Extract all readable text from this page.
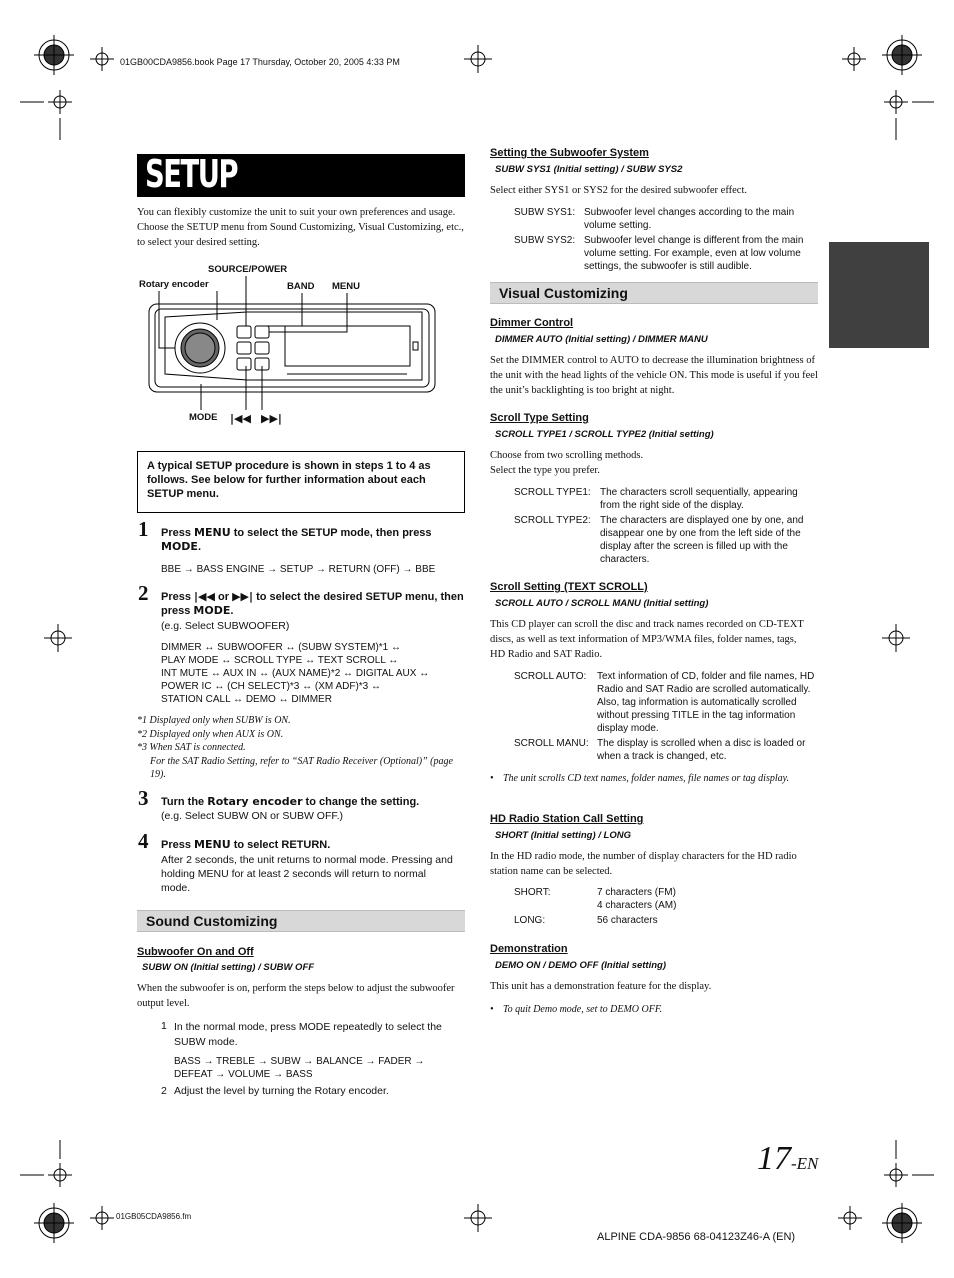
01GB00CDA9856.book Page 17 Thursday, October 20, 2005 4:33 PM
SETUP
You can flexibly customize the unit to suit your own preferences and usage. Choose the SETUP menu from Sound Customizing, Visual Customizing, etc., to select your desired setting.
SOURCE/POWER
Rotary encoder	BAND MENU
MODE |◀◀ ▶▶|
A typical SETUP procedure is shown in steps 1 to 4 as follows. See below for further information about each SETUP menu.
1 Press MENU to select the SETUP mode, then press MODE.
BBE → BASS ENGINE → SETUP → RETURN (OFF) → BBE
2 Press |◀◀ or ▶▶| to select the desired SETUP menu, then press MODE.
(e.g. Select SUBWOOFER)
DIMMER ↔ SUBWOOFER ↔ (SUBW SYSTEM)*1 ↔
PLAY MODE ↔ SCROLL TYPE ↔ TEXT SCROLL ↔
INT MUTE ↔ AUX IN ↔ (AUX NAME)*2 ↔ DIGITAL AUX ↔
POWER IC ↔ (CH SELECT)*3 ↔ (XM ADF)*3 ↔
STATION CALL ↔ DEMO ↔ DIMMER
*1 Displayed only when SUBW is ON.
*2 Displayed only when AUX is ON.
*3 When SAT is connected.
For the SAT Radio Setting, refer to “SAT Radio Receiver (Optional)” (page 19).
3 Turn the Rotary encoder to change the setting.
(e.g. Select SUBW ON or SUBW OFF.)
4 Press MENU to select RETURN.
After 2 seconds, the unit returns to normal mode. Pressing and holding MENU for at least 2 seconds will return to normal mode.
Sound Customizing
Subwoofer On and Off
SUBW ON (Initial setting) / SUBW OFF
When the subwoofer is on, perform the steps below to adjust the subwoofer output level.
1 In the normal mode, press MODE repeatedly to select the SUBW mode.
BASS → TREBLE → SUBW → BALANCE → FADER → DEFEAT → VOLUME → BASS
2 Adjust the level by turning the Rotary encoder.
Setting the Subwoofer System
SUBW SYS1 (Initial setting) / SUBW SYS2
Select either SYS1 or SYS2 for the desired subwoofer effect.
SUBW SYS1: Subwoofer level changes according to the main volume setting.
SUBW SYS2: Subwoofer level change is different from the main volume setting. For example, even at low volume settings, the subwoofer is still audible.
Visual Customizing
Dimmer Control
DIMMER AUTO (Initial setting) / DIMMER MANU
Set the DIMMER control to AUTO to decrease the illumination brightness of the unit with the head lights of the vehicle ON. This mode is useful if you feel the unit’s backlighting is too bright at night.
Scroll Type Setting
SCROLL TYPE1 / SCROLL TYPE2 (Initial setting)
Choose from two scrolling methods.
Select the type you prefer.
SCROLL TYPE1: The characters scroll sequentially, appearing from the right side of the display.
SCROLL TYPE2: The characters are displayed one by one, and disappear one by one from the left side of the display after the screen is filled up with the characters.
Scroll Setting (TEXT SCROLL)
SCROLL AUTO / SCROLL MANU (Initial setting)
This CD player can scroll the disc and track names recorded on CD-TEXT discs, as well as text information of MP3/WMA files, folder names, tags, HD Radio and SAT Radio.
SCROLL AUTO: Text information of CD, folder and file names, HD Radio and SAT Radio are scrolled automatically. Also, tag information is automatically scrolled without pressing TITLE in the tag information display mode.
SCROLL MANU: The display is scrolled when a disc is loaded or when a track is changed, etc.
• The unit scrolls CD text names, folder names, file names or tag display.
HD Radio Station Call Setting
SHORT (Initial setting) / LONG
In the HD radio mode, the number of display characters for the HD radio station name can be selected.
SHORT:	7 characters (FM)
4 characters (AM)
LONG:	56 characters
Demonstration
DEMO ON / DEMO OFF (Initial setting)
This unit has a demonstration feature for the display.
• To quit Demo mode, set to DEMO OFF.
17-EN
01GB05CDA9856.fm
ALPINE CDA-9856 68-04123Z46-A (EN)
